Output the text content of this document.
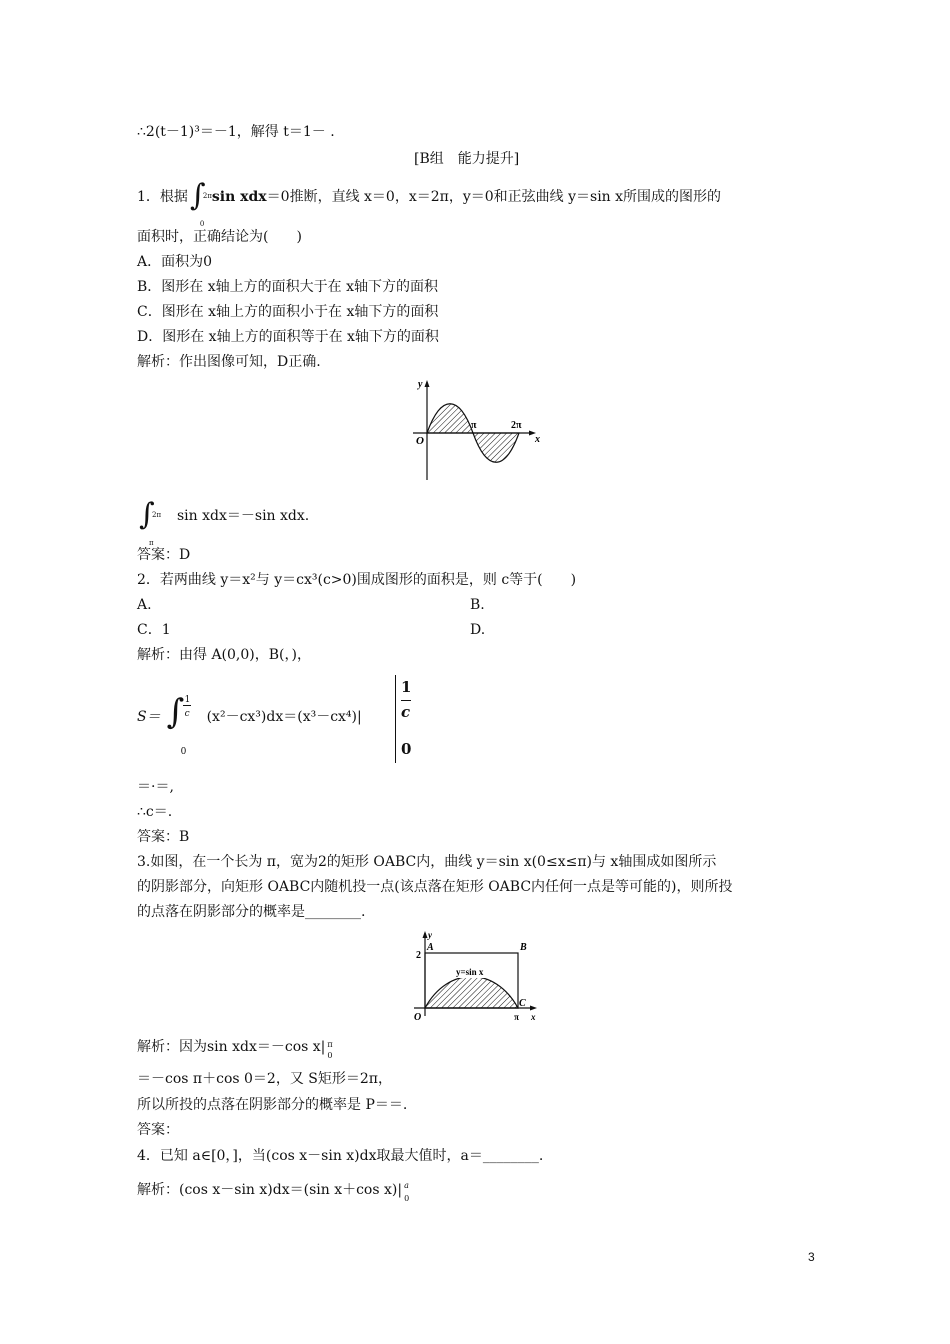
∴2(t－1)³＝－1，解得 t＝1－ .
[B组　能力提升]
1．根据 ∫
2π
0
sin xdx＝0推断，直线 x＝0，x＝2π，y＝0和正弦曲线 y＝sin x所围成的图形的
面积时，正确结论为(　　)
A．面积为0
B．图形在 x轴上方的面积大于在 x轴下方的面积
C．图形在 x轴上方的面积小于在 x轴下方的面积
D．图形在 x轴上方的面积等于在 x轴下方的面积
解析：作出图像可知，D正确.
y
O
π	2π
x
∫
2π
π
sin xdx＝－sin xdx.
答案：D
2．若两曲线 y＝x²与 y＝cx³(c>0)围成图形的面积是，则 c等于(　　)
A.	B.
C．1	D.
解析：由得 A(0,0)，B(，)，
S＝ ∫ 1
c
0
(x²－cx³)dx＝(x³－cx⁴)|
1
c
0
＝·＝,
∴c＝.
答案：B
3.如图，在一个长为 π，宽为2的矩形 OABC内，曲线 y＝sin x(0≤x≤π)与 x轴围成如图所示
的阴影部分，向矩形 OABC内随机投一点(该点落在矩形 OABC内任何一点是等可能的)，则所投
的点落在阴影部分的概率是________.
y=sin x
y
A	B
2
O
C
π x
解析：因为sin xdx＝－cos x| π
0
＝－cos π＋cos 0＝2，又 S矩形＝2π，
所以所投的点落在阴影部分的概率是 P＝＝.
答案：
4．已知 a∈[0，]，当(cos x－sin x)dx取最大值时，a＝________.
解析：(cos x－sin x)dx＝(sin x＋cos x)| a
0
3
